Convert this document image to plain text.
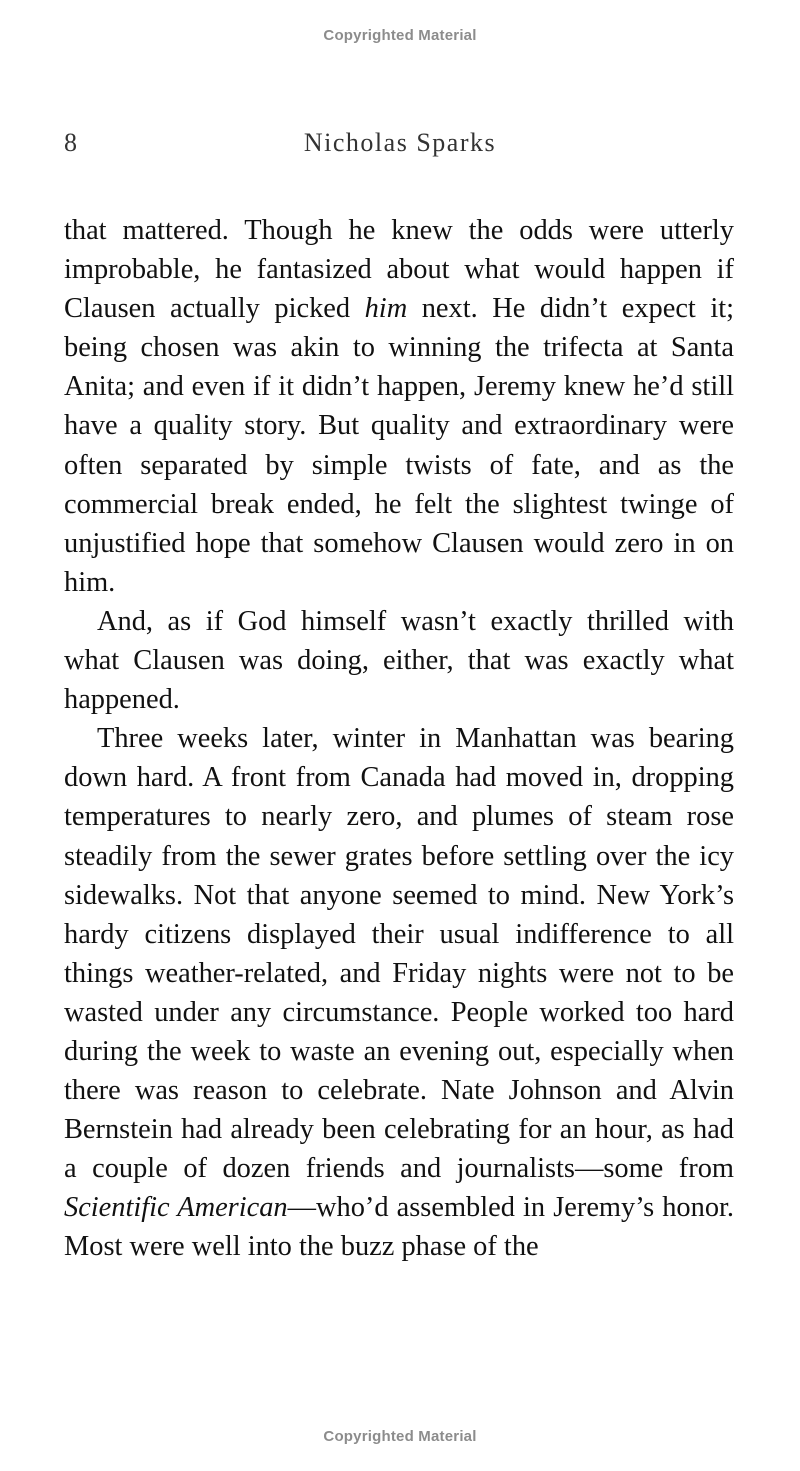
Copyrighted Material
8	Nicholas Sparks

that mattered. Though he knew the odds were utterly improbable, he fantasized about what would happen if Clausen actually picked him next. He didn’t expect it; being chosen was akin to winning the trifecta at Santa Anita; and even if it didn’t happen, Jeremy knew he’d still have a quality story. But quality and extraordinary were often separated by simple twists of fate, and as the commercial break ended, he felt the slightest twinge of unjustified hope that somehow Clausen would zero in on him.

And, as if God himself wasn’t exactly thrilled with what Clausen was doing, either, that was exactly what happened.

Three weeks later, winter in Manhattan was bearing down hard. A front from Canada had moved in, dropping temperatures to nearly zero, and plumes of steam rose steadily from the sewer grates before settling over the icy sidewalks. Not that anyone seemed to mind. New York’s hardy citizens displayed their usual indifference to all things weather-related, and Friday nights were not to be wasted under any circumstance. People worked too hard during the week to waste an evening out, especially when there was reason to celebrate. Nate Johnson and Alvin Bernstein had already been celebrating for an hour, as had a couple of dozen friends and journalists—some from Scientific American—who’d assembled in Jeremy’s honor. Most were well into the buzz phase of the

Copyrighted Material
